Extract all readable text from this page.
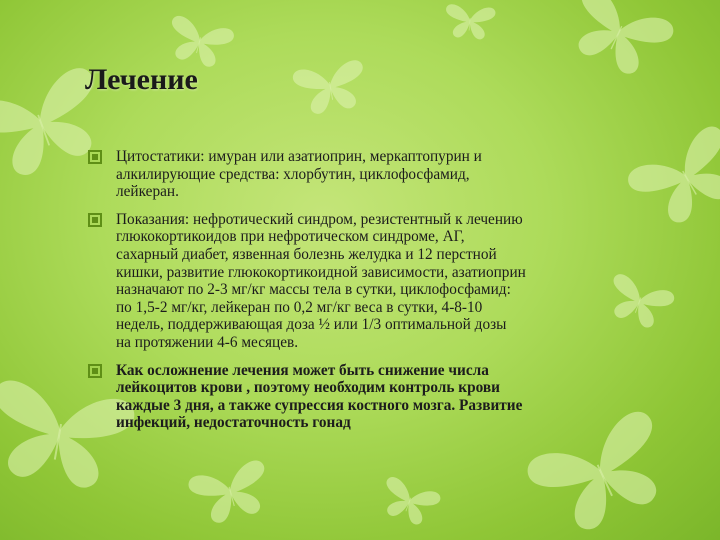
Лечение
Цитостатики: имуран или азатиоприн, меркаптопурин и
алкилирующие средства: хлорбутин, циклофосфамид,
лейкеран.
Показания: нефротический синдром, резистентный к лечению
глюкокортикоидов при нефротическом синдроме, АГ,
сахарный диабет, язвенная болезнь желудка и 12 перстной
кишки, развитие глюкокортикоидной зависимости, азатиоприн
назначают по 2-3 мг/кг массы тела в сутки, циклофосфамид:
по 1,5-2 мг/кг, лейкеран по 0,2 мг/кг веса в сутки, 4-8-10
недель, поддерживающая доза ½ или 1/3 оптимальной дозы
на протяжении 4-6 месяцев.
Как осложнение лечения может быть снижение числа
лейкоцитов крови , поэтому необходим контроль крови
каждые 3 дня, а также супрессия костного мозга. Развитие
инфекций, недостаточность гонад
